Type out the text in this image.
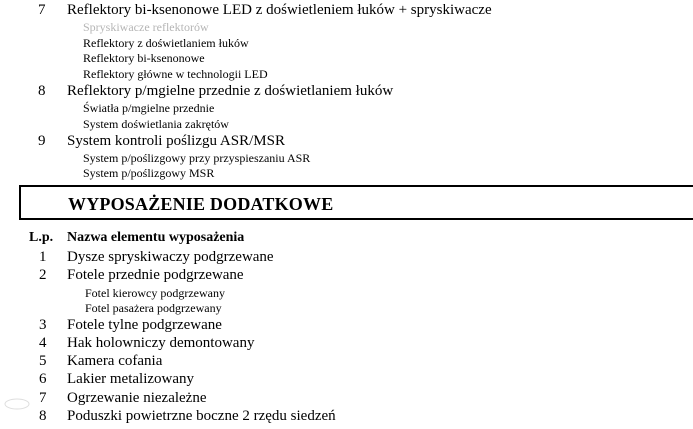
7	Reflektory bi-ksenonowe LED z doświetleniem łuków + spryskiwacze
Spryskiwacze reflektorów
Reflektory z doświetlaniem łuków
Reflektory bi-ksenonowe
Reflektory główne w technologii LED
8	Reflektory p/mgielne przednie z doświetlaniem łuków
Światła p/mgielne przednie
System doświetlania zakrętów
9	System kontroli poślizgu ASR/MSR
System p/poślizgowy przy przyspieszaniu ASR
System p/poślizgowy MSR
WYPOSAŻENIE DODATKOWE
L.p. Nazwa elementu wyposażenia
1 Dysze spryskiwaczy podgrzewane
2 Fotele przednie podgrzewane
Fotel kierowcy podgrzewany
Fotel pasażera podgrzewany
3 Fotele tylne podgrzewane
4 Hak holowniczy demontowany
5 Kamera cofania
6 Lakier metalizowany
7 Ogrzewanie niezależne
8 Poduszki powietrzne boczne 2 rzędu siedzeń
